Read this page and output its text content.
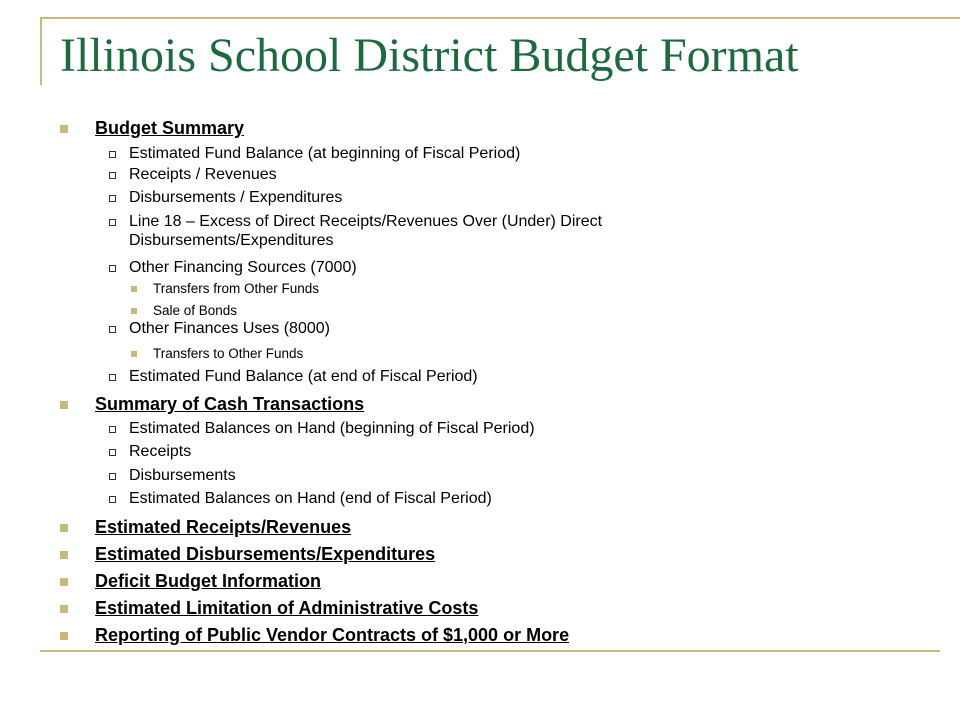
Illinois School District Budget Format
Budget Summary
Estimated Fund Balance (at beginning of Fiscal Period)
Receipts / Revenues
Disbursements / Expenditures
Line 18 – Excess of Direct Receipts/Revenues Over (Under) Direct
Disbursements/Expenditures
Other Financing Sources (7000)
Transfers from Other Funds
Sale of Bonds
Other Finances Uses (8000)
Transfers to Other Funds
Estimated Fund Balance (at end of Fiscal Period)
Summary of Cash Transactions
Estimated Balances on Hand (beginning of Fiscal Period)
Receipts
Disbursements
Estimated Balances on Hand (end of Fiscal Period)
Estimated Receipts/Revenues
Estimated Disbursements/Expenditures
Deficit Budget Information
Estimated Limitation of Administrative Costs
Reporting of Public Vendor Contracts of $1,000 or More
